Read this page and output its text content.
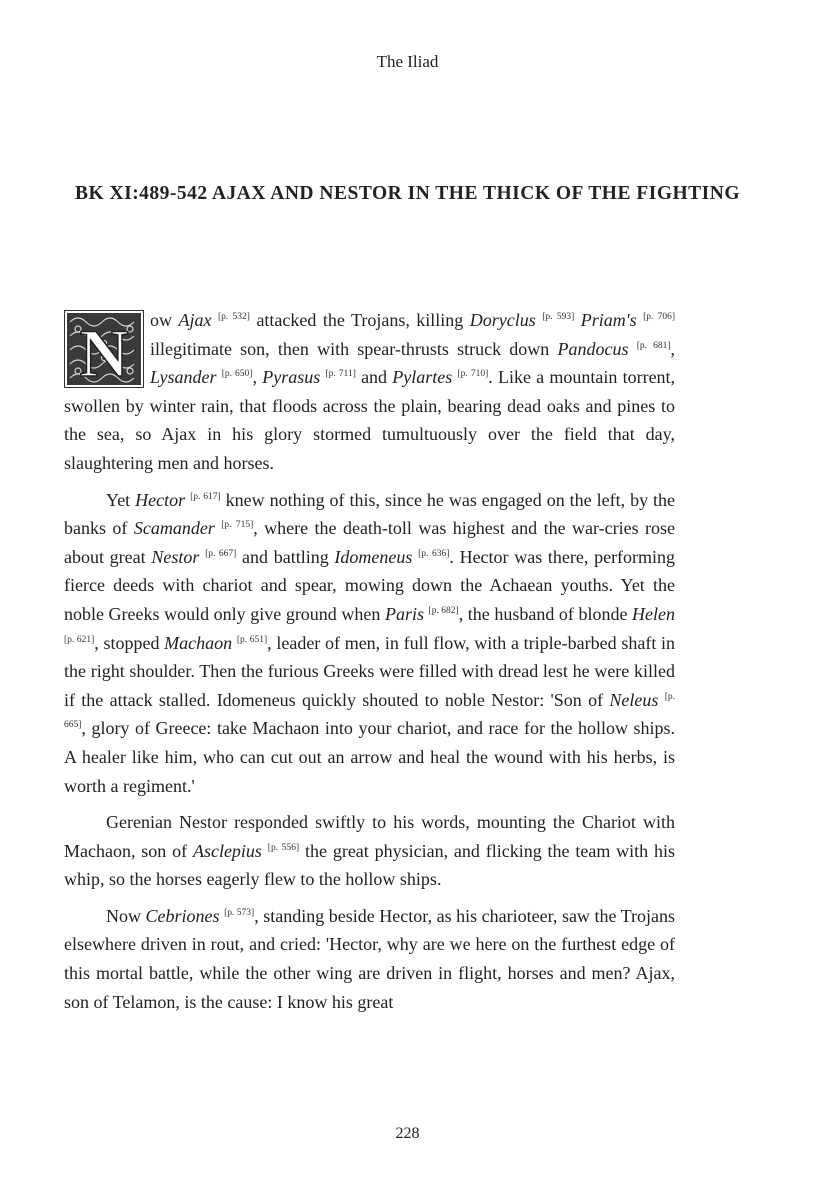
The Iliad
BK XI:489-542 AJAX AND NESTOR IN THE THICK OF THE FIGHTING

N ow Ajax [p. 532] attacked the Trojans, killing Doryclus [p. 593] Priam's [p. 706] illegitimate son, then with spear-thrusts struck down Pandocus [p. 681], Lysander [p. 650], Pyrasus [p. 711] and Pylartes [p. 710]. Like a mountain torrent, swollen by winter rain, that floods across the plain, bearing dead oaks and pines to the sea, so Ajax in his glory stormed tumultuously over the field that day, slaughtering men and horses.

Yet Hector [p. 617] knew nothing of this, since he was engaged on the left, by the banks of Scamander [p. 715], where the death-toll was highest and the war-cries rose about great Nestor [p. 667] and battling Idomeneus [p. 636]. Hector was there, performing fierce deeds with chariot and spear, mowing down the Achaean youths. Yet the noble Greeks would only give ground when Paris [p. 682], the husband of blonde Helen [p. 621], stopped Machaon [p. 651], leader of men, in full flow, with a triple-barbed shaft in the right shoulder. Then the furious Greeks were filled with dread lest he were killed if the attack stalled. Idomeneus quickly shouted to noble Nestor: 'Son of Neleus [p. 665], glory of Greece: take Machaon into your chariot, and race for the hollow ships. A healer like him, who can cut out an arrow and heal the wound with his herbs, is worth a regiment.'

Gerenian Nestor responded swiftly to his words, mounting the Chariot with Machaon, son of Asclepius [p. 556] the great physician, and flicking the team with his whip, so the horses eagerly flew to the hollow ships.

Now Cebriones [p. 573], standing beside Hector, as his charioteer, saw the Trojans elsewhere driven in rout, and cried: 'Hector, why are we here on the furthest edge of this mortal battle, while the other wing are driven in flight, horses and men? Ajax, son of Telamon, is the cause: I know his great

228
